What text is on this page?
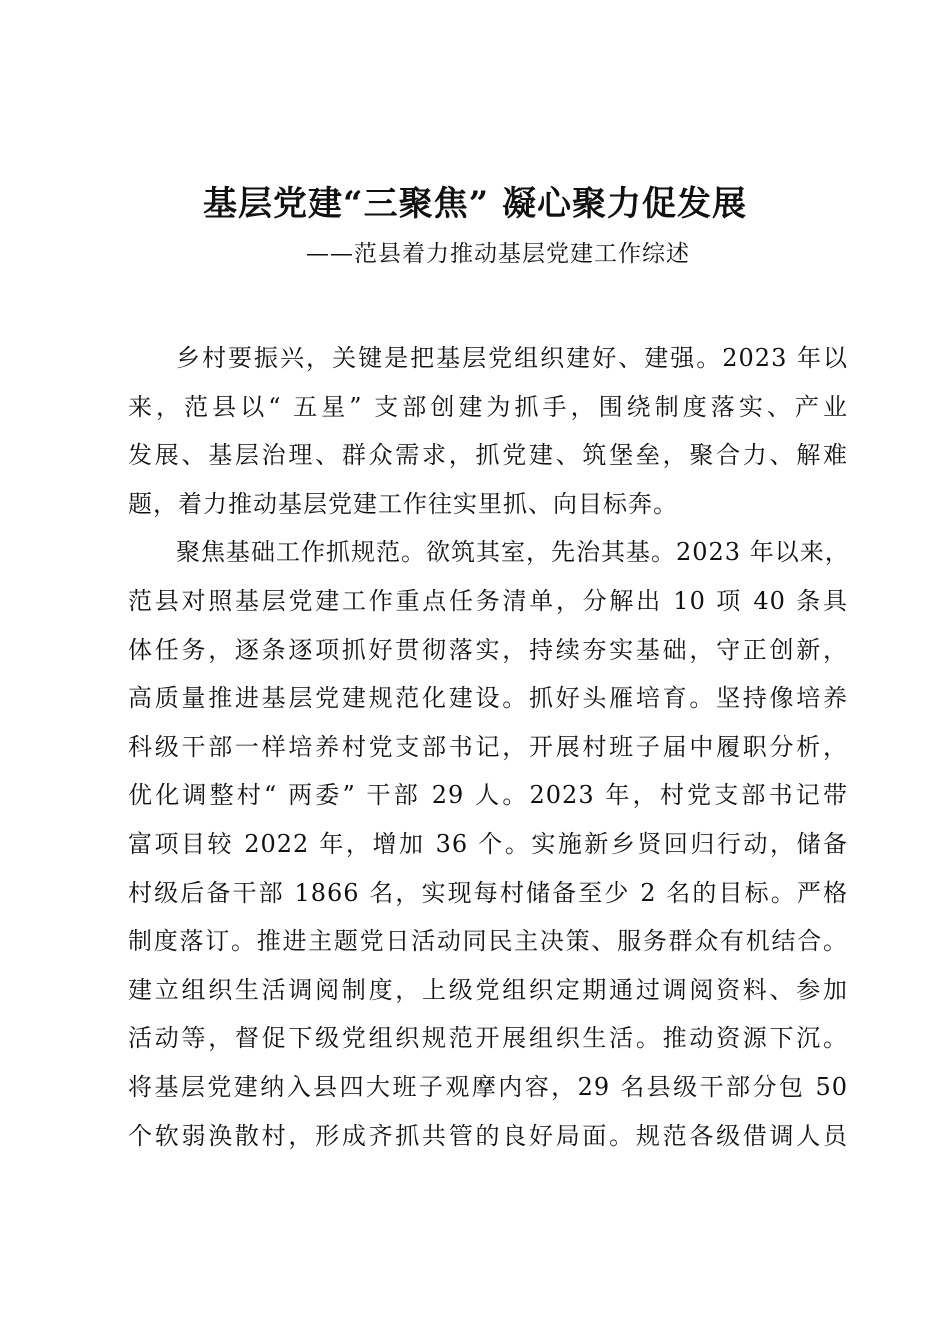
基层党建“三聚焦” 凝心聚力促发展
——范县着力推动基层党建工作综述
乡村要振兴，关键是把基层党组织建好、建强。2023 年以
来，范县以“ 五星” 支部创建为抓手，围绕制度落实、产业
发展、基层治理、群众需求，抓党建、筑堡垒，聚合力、解难
题，着力推动基层党建工作往实里抓、向目标奔。
聚焦基础工作抓规范。欲筑其室，先治其基。2023 年以来，
范县对照基层党建工作重点任务清单，分解出 10 项 40 条具
体任务，逐条逐项抓好贯彻落实，持续夯实基础，守正创新，
高质量推进基层党建规范化建设。抓好头雁培育。坚持像培养
科级干部一样培养村党支部书记，开展村班子届中履职分析，
优化调整村“ 两委” 干部 29 人。2023 年，村党支部书记带
富项目较 2022 年，增加 36 个。实施新乡贤回归行动，储备
村级后备干部 1866 名，实现每村储备至少 2 名的目标。严格
制度落订。推进主题党日活动同民主决策、服务群众有机结合。
建立组织生活调阅制度，上级党组织定期通过调阅资料、参加
活动等，督促下级党组织规范开展组织生活。推动资源下沉。
将基层党建纳入县四大班子观摩内容，29 名县级干部分包 50
个软弱涣散村，形成齐抓共管的良好局面。规范各级借调人员
